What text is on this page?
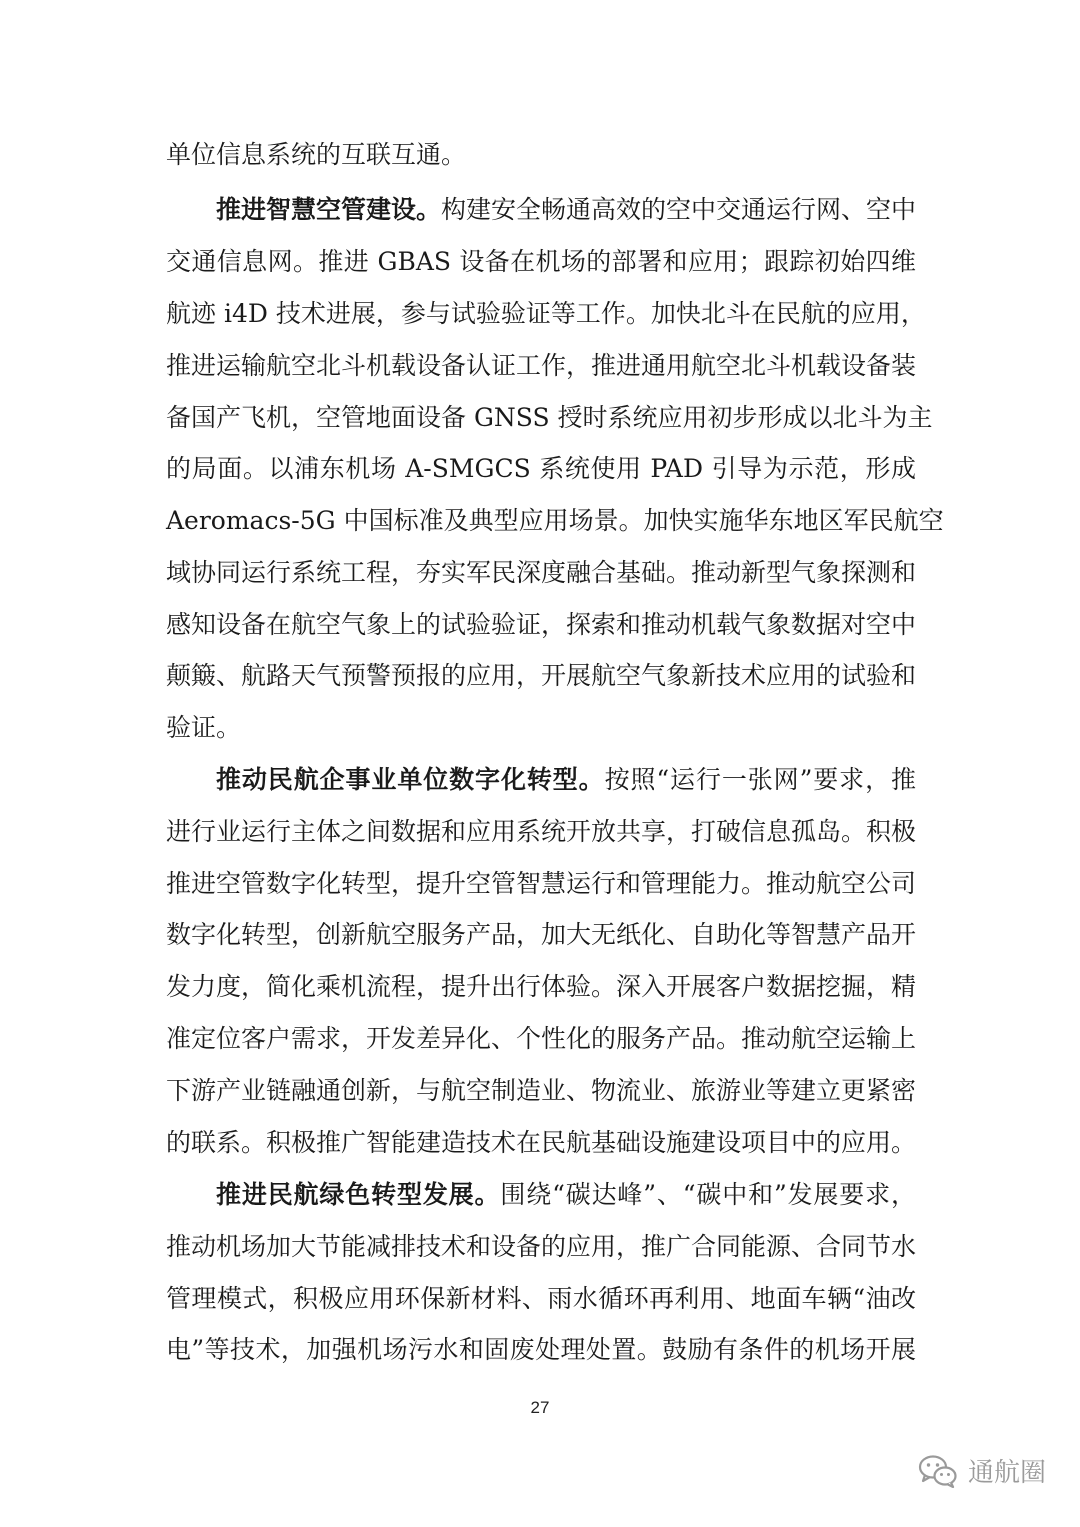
单位信息系统的互联互通。
推进智慧空管建设。构建安全畅通高效的空中交通运行网、空中
交通信息网。推进 GBAS 设备在机场的部署和应用；跟踪初始四维
航迹 i4D 技术进展，参与试验验证等工作。加快北斗在民航的应用，
推进运输航空北斗机载设备认证工作，推进通用航空北斗机载设备装
备国产飞机，空管地面设备 GNSS 授时系统应用初步形成以北斗为主
的局面。以浦东机场 A-SMGCS 系统使用 PAD 引导为示范，形成
Aeromacs-5G 中国标准及典型应用场景。加快实施华东地区军民航空
域协同运行系统工程，夯实军民深度融合基础。推动新型气象探测和
感知设备在航空气象上的试验验证，探索和推动机载气象数据对空中
颠簸、航路天气预警预报的应用，开展航空气象新技术应用的试验和
验证。
推动民航企事业单位数字化转型。按照“运行一张网”要求，推
进行业运行主体之间数据和应用系统开放共享，打破信息孤岛。积极
推进空管数字化转型，提升空管智慧运行和管理能力。推动航空公司
数字化转型，创新航空服务产品，加大无纸化、自助化等智慧产品开
发力度，简化乘机流程，提升出行体验。深入开展客户数据挖掘，精
准定位客户需求，开发差异化、个性化的服务产品。推动航空运输上
下游产业链融通创新，与航空制造业、物流业、旅游业等建立更紧密
的联系。积极推广智能建造技术在民航基础设施建设项目中的应用。
推进民航绿色转型发展。围绕“碳达峰”、“碳中和”发展要求，
推动机场加大节能减排技术和设备的应用，推广合同能源、合同节水
管理模式，积极应用环保新材料、雨水循环再利用、地面车辆“油改
电”等技术，加强机场污水和固废处理处置。鼓励有条件的机场开展
27
通航圈
